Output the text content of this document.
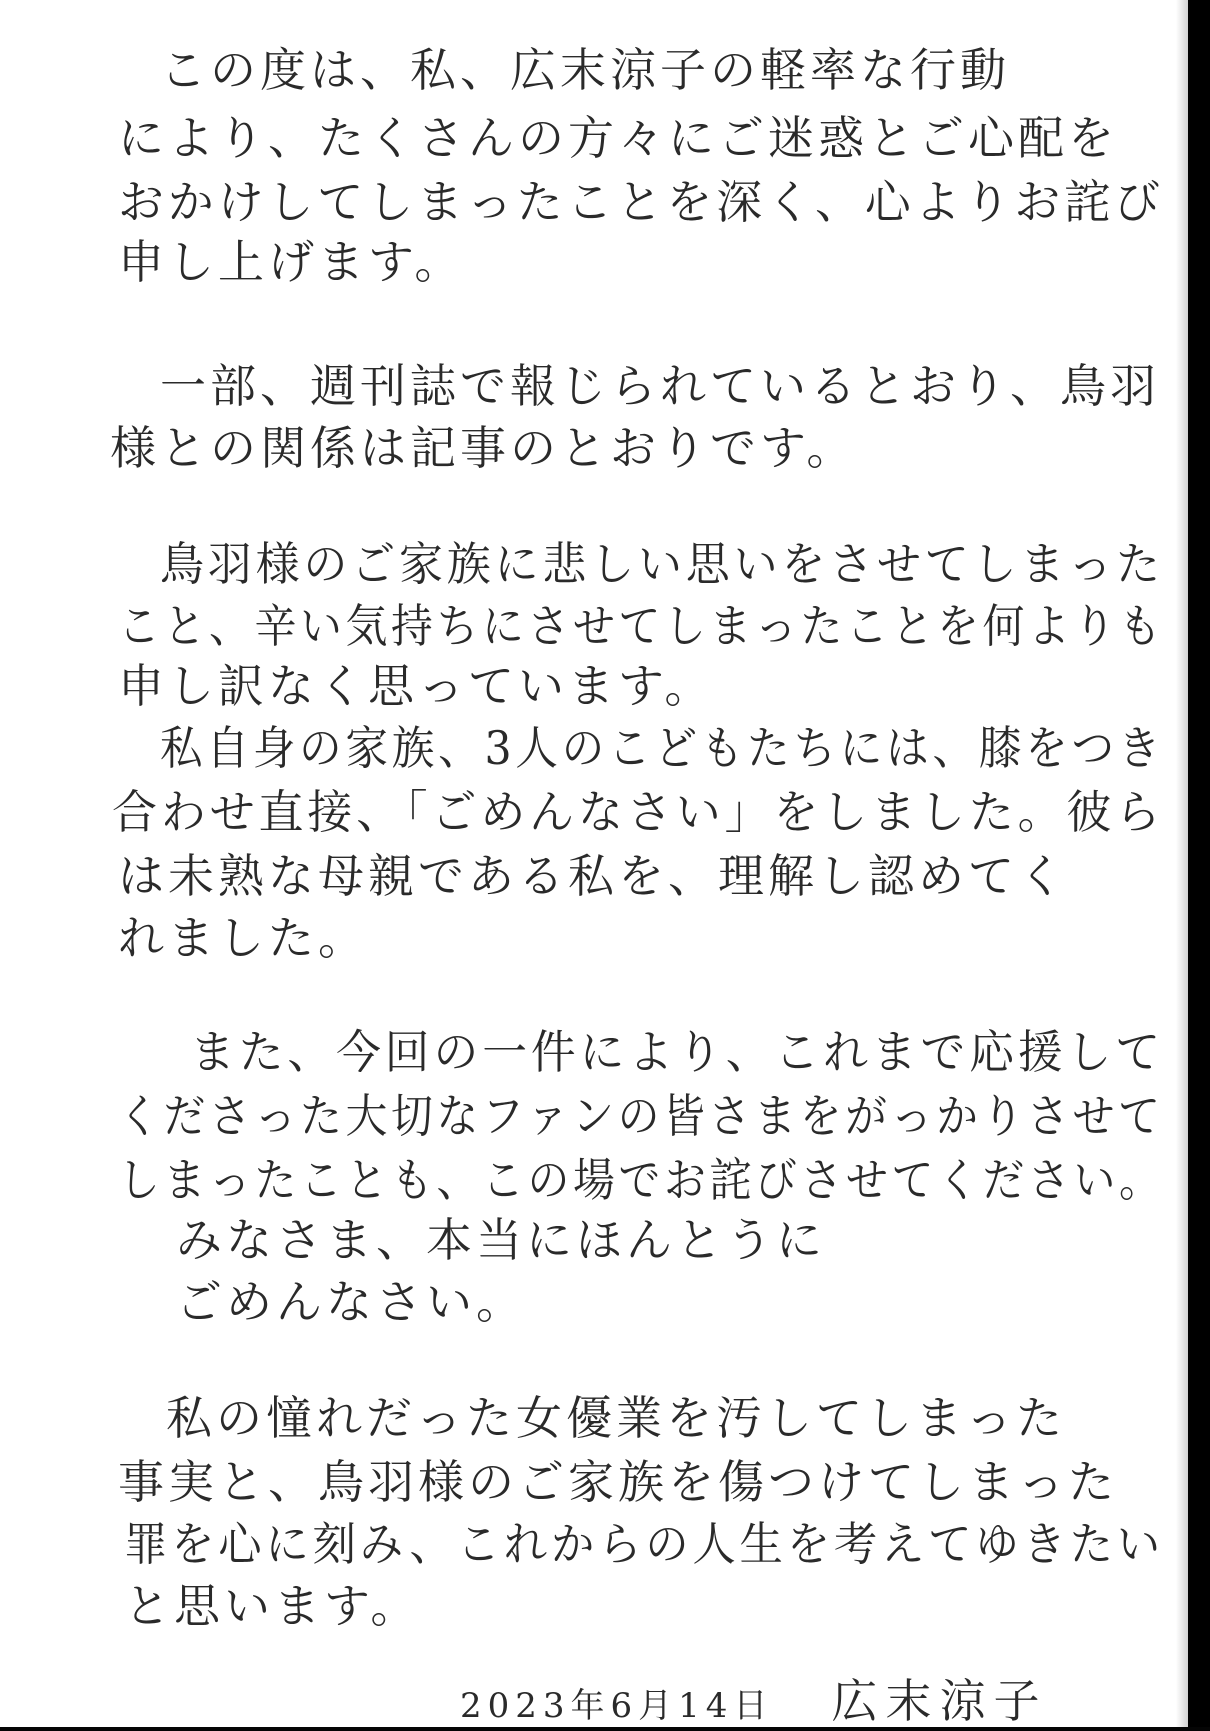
この度は、私、広末涼子の軽率な行動

により、たくさんの方々にご迷惑とご心配を

おかけしてしまったことを深く、心よりお詫び

申し上げます。

一部、週刊誌で報じられているとおり、鳥羽

様との関係は記事のとおりです。

鳥羽様のご家族に悲しい思いをさせてしまった

こと、辛い気持ちにさせてしまったことを何よりも

申し訳なく思っています。

私自身の家族、3人のこどもたちには、膝をつき

合わせ直接、「ごめんなさい」をしました。彼ら

は未熟な母親である私を、理解し認めてく

れました。

また、今回の一件により、これまで応援して

くださった大切なファンの皆さまをがっかりさせて

しまったことも、この場でお詫びさせてください。

みなさま、本当にほんとうに

ごめんなさい。

私の憧れだった女優業を汚してしまった

事実と、鳥羽様のご家族を傷つけてしまった

罪を心に刻み、これからの人生を考えてゆきたい

と思います。

2023年6月14日 広末涼子
